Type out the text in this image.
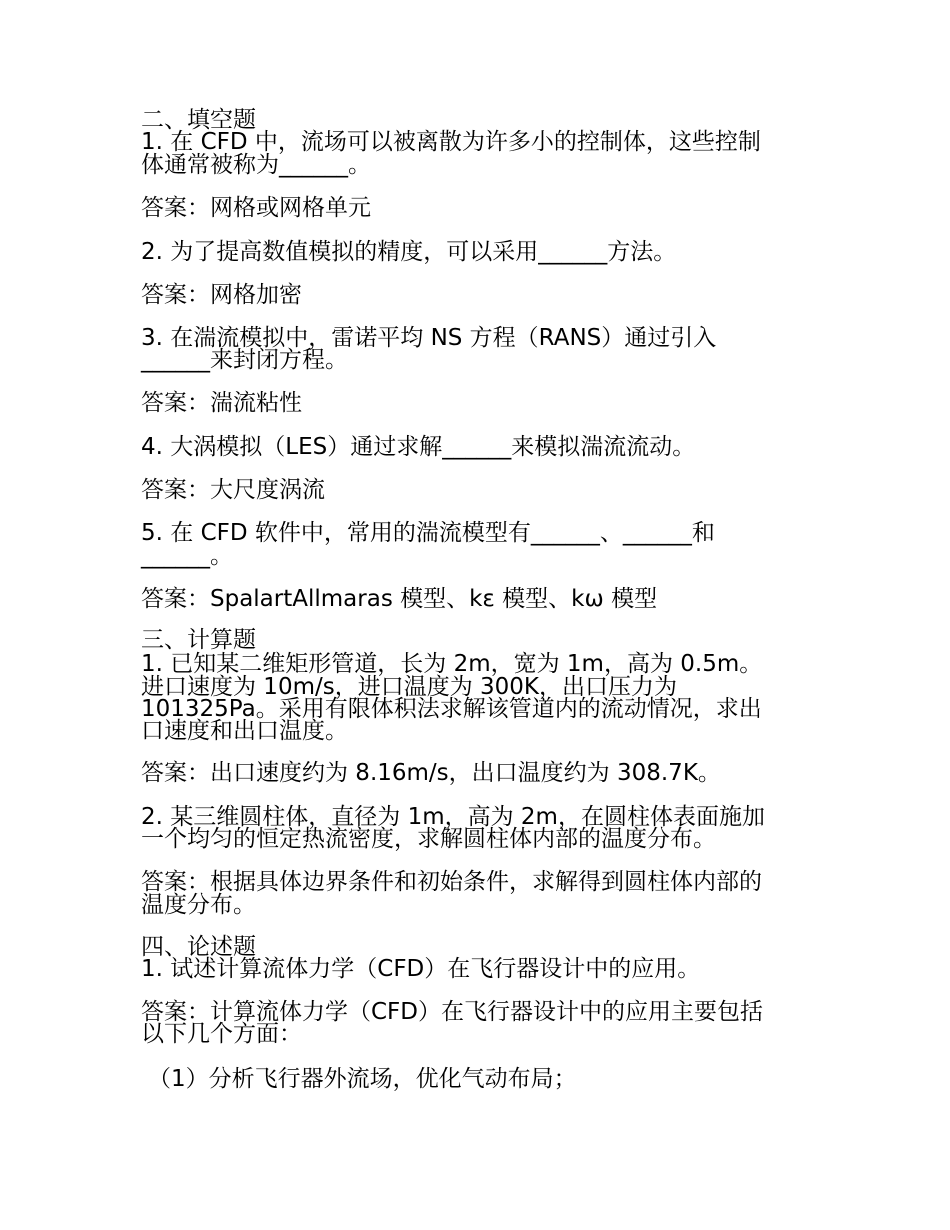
二、填空题
1. 在 CFD 中，流场可以被离散为许多小的控制体，这些控制
体通常被称为______。
答案：网格或网格单元
2. 为了提高数值模拟的精度，可以采用______方法。
答案：网格加密
3. 在湍流模拟中，雷诺平均 NS 方程（RANS）通过引入
______来封闭方程。
答案：湍流粘性
4. 大涡模拟（LES）通过求解______来模拟湍流流动。
答案：大尺度涡流
5. 在 CFD 软件中，常用的湍流模型有______、______和
______。
答案：SpalartAllmaras 模型、kε 模型、kω 模型
三、计算题
1. 已知某二维矩形管道，长为 2m，宽为 1m，高为 0.5m。
进口速度为 10m/s，进口温度为 300K，出口压力为
101325Pa。采用有限体积法求解该管道内的流动情况，求出
口速度和出口温度。
答案：出口速度约为 8.16m/s，出口温度约为 308.7K。
2. 某三维圆柱体，直径为 1m，高为 2m，在圆柱体表面施加
一个均匀的恒定热流密度，求解圆柱体内部的温度分布。
答案：根据具体边界条件和初始条件，求解得到圆柱体内部的
温度分布。
四、论述题
1. 试述计算流体力学（CFD）在飞行器设计中的应用。
答案：计算流体力学（CFD）在飞行器设计中的应用主要包括
以下几个方面：
（1）分析飞行器外流场，优化气动布局；
